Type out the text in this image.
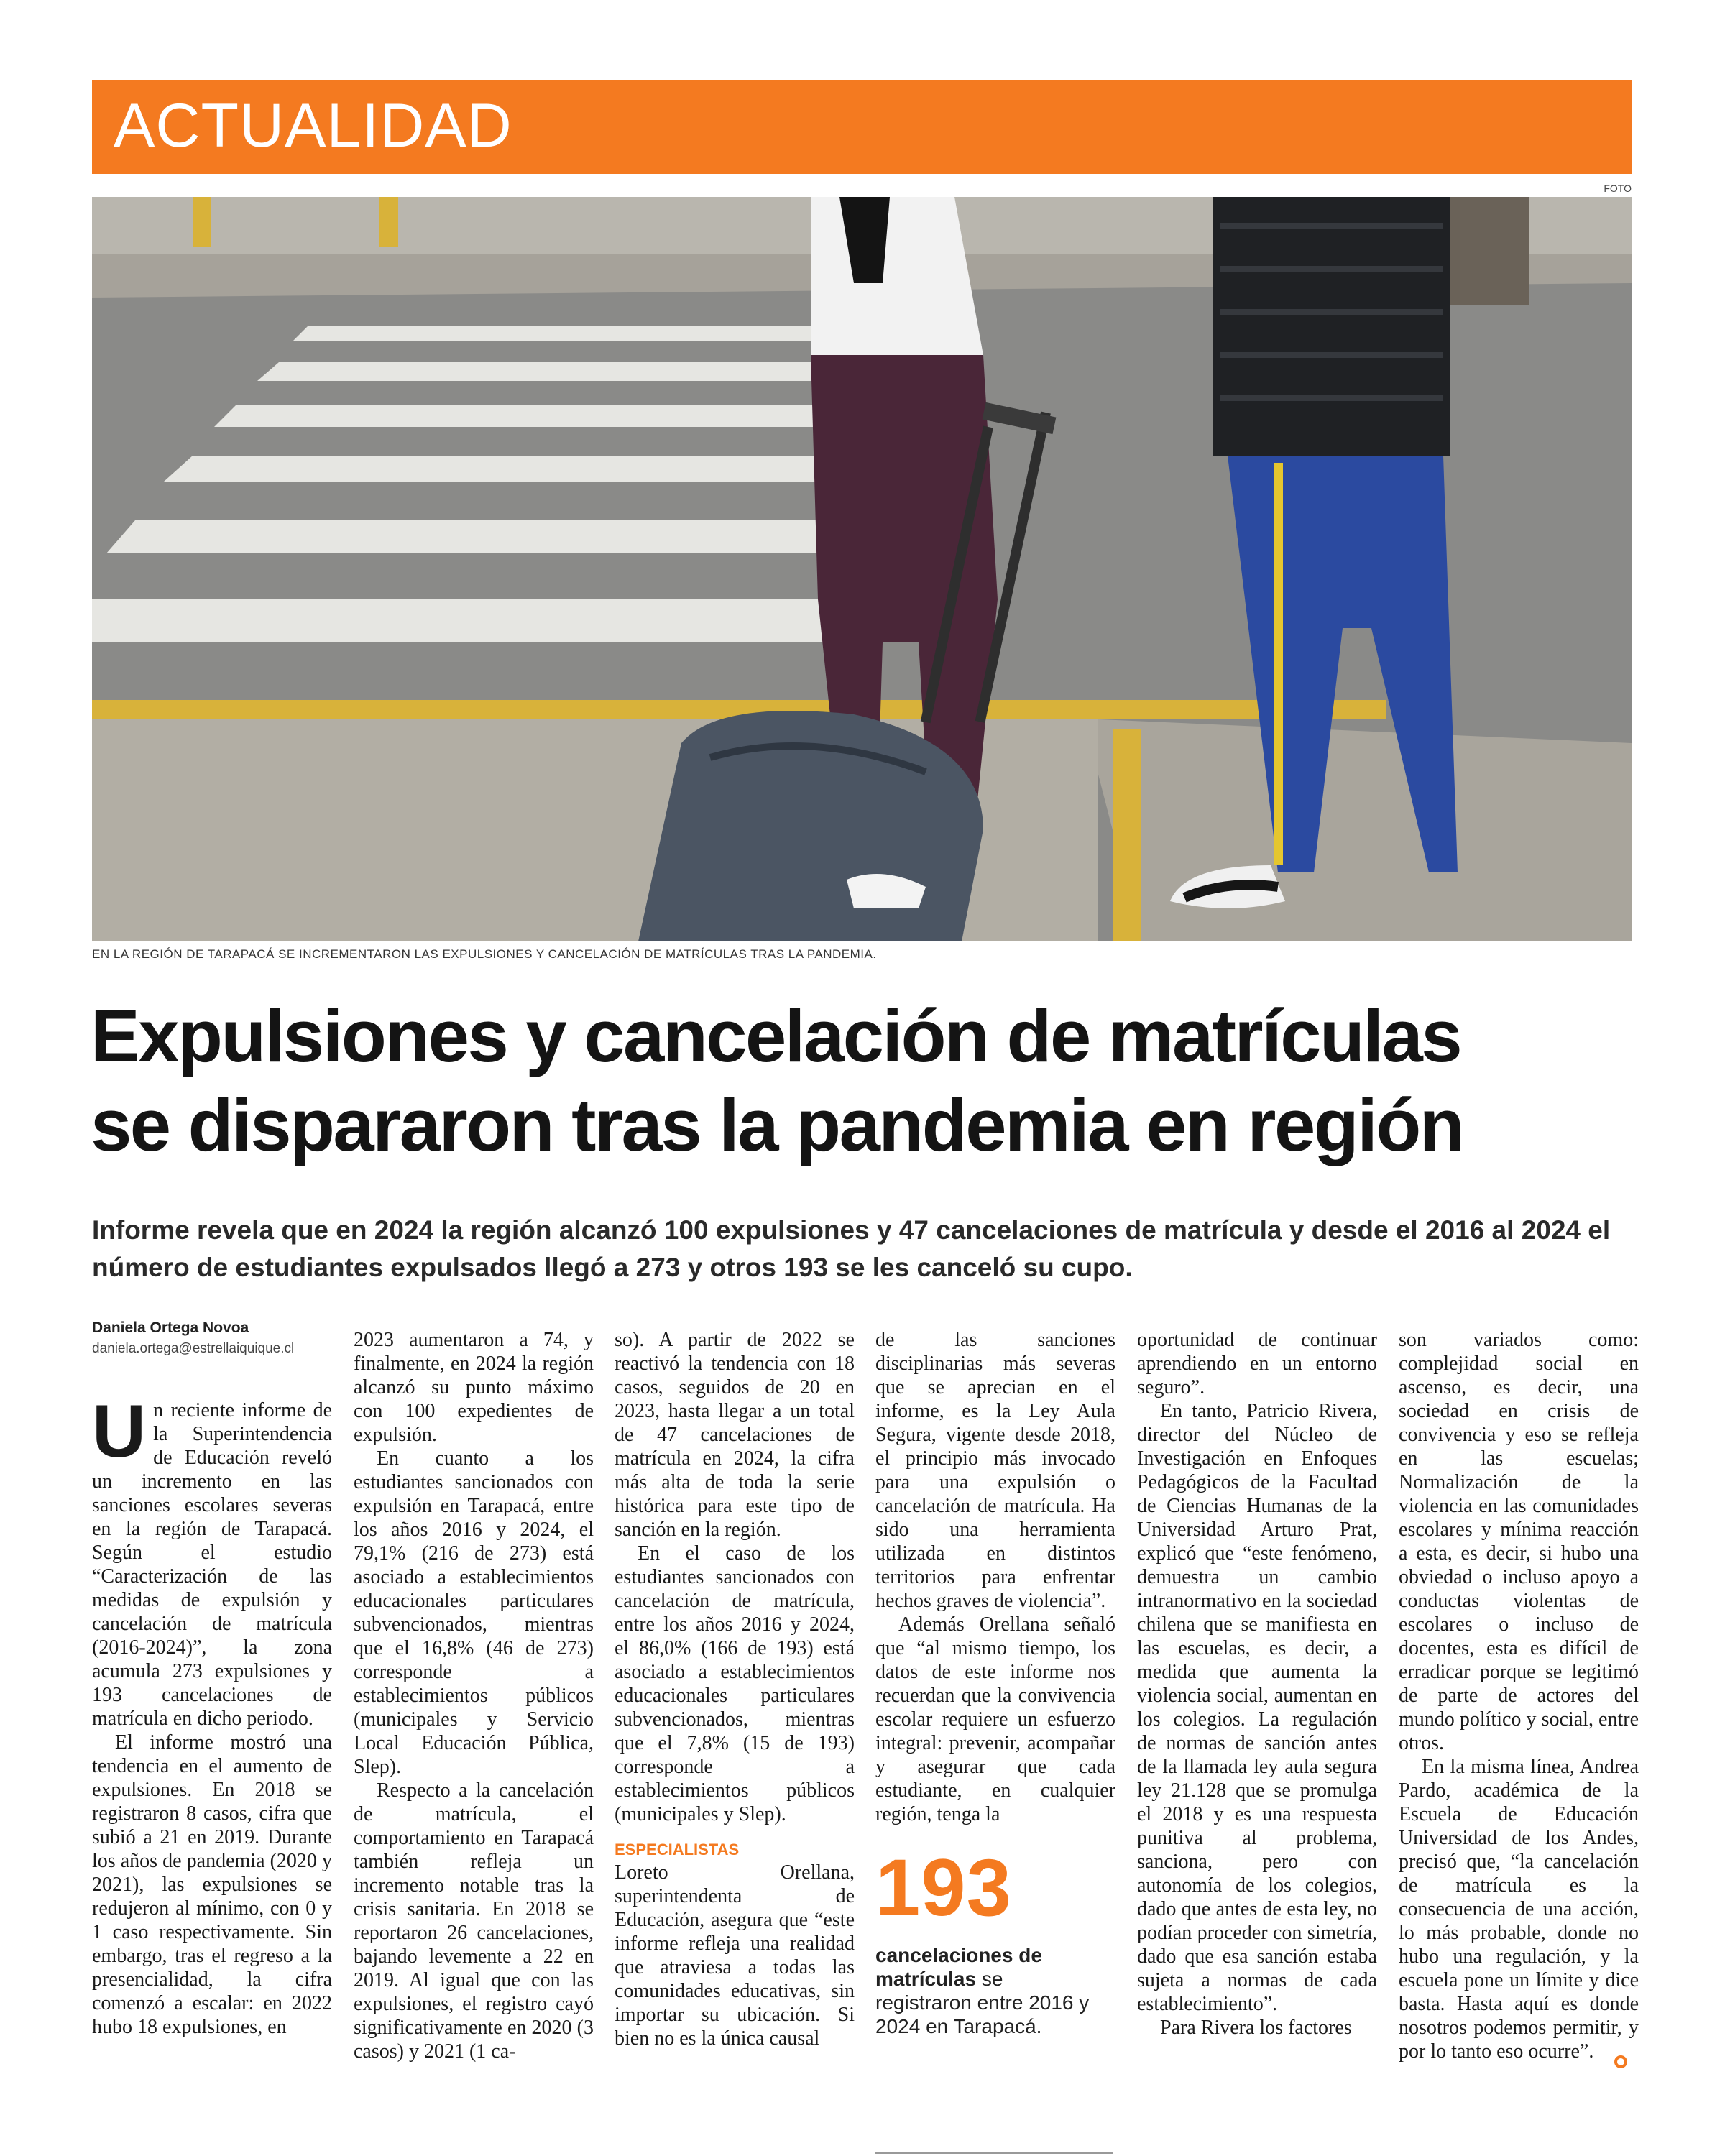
ACTUALIDAD
FOTO
EN LA REGIÓN DE TARAPACÁ SE INCREMENTARON LAS EXPULSIONES Y CANCELACIÓN DE MATRÍCULAS TRAS LA PANDEMIA.
Expulsiones y cancelación de matrículas
se dispararon tras la pandemia en región
Informe revela que en 2024 la región alcanzó 100 expulsiones y 47 cancelaciones de matrícula y desde el 2016 al 2024 el número de estudiantes expulsados llegó a 273 y otros 193 se les canceló su cupo.
Daniela Ortega Novoa
daniela.ortega@estrellaiquique.cl

Un reciente informe de la Superintendencia de Educación reveló un incremento en las sanciones escolares severas en la región de Tarapacá. Según el estudio “Caracterización de las medidas de expulsión y cancelación de matrícula (2016-2024)”, la zona acumula 273 expulsiones y 193 cancelaciones de matrícula en dicho periodo.

El informe mostró una tendencia en el aumento de expulsiones. En 2018 se registraron 8 casos, cifra que subió a 21 en 2019. Durante los años de pandemia (2020 y 2021), las expulsiones se redujeron al mínimo, con 0 y 1 caso respectivamente. Sin embargo, tras el regreso a la presencialidad, la cifra comenzó a escalar: en 2022 hubo 18 expulsiones, en

2023 aumentaron a 74, y finalmente, en 2024 la región alcanzó su punto máximo con 100 expedientes de expulsión.

En cuanto a los estudiantes sancionados con expulsión en Tarapacá, entre los años 2016 y 2024, el 79,1% (216 de 273) está asociado a establecimientos educacionales particulares subvencionados, mientras que el 16,8% (46 de 273) corresponde a establecimientos públicos (municipales y Servicio Local Educación Pública, Slep).

Respecto a la cancelación de matrícula, el comportamiento en Tarapacá también refleja un incremento notable tras la crisis sanitaria. En 2018 se reportaron 26 cancelaciones, bajando levemente a 22 en 2019. Al igual que con las expulsiones, el registro cayó significativamente en 2020 (3 casos) y 2021 (1 ca-

so). A partir de 2022 se reactivó la tendencia con 18 casos, seguidos de 20 en 2023, hasta llegar a un total de 47 cancelaciones de matrícula en 2024, la cifra más alta de toda la serie histórica para este tipo de sanción en la región.

En el caso de los estudiantes sancionados con cancelación de matrícula, entre los años 2016 y 2024, el 86,0% (166 de 193) está asociado a establecimientos educacionales particulares subvencionados, mientras que el 7,8% (15 de 193) corresponde a establecimientos públicos (municipales y Slep).

ESPECIALISTAS

Loreto Orellana, superintendenta de Educación, asegura que “este informe refleja una realidad que atraviesa a todas las comunidades educativas, sin importar su ubicación. Si bien no es la única causal

de las sanciones disciplinarias más severas que se aprecian en el informe, es la Ley Aula Segura, vigente desde 2018, el principio más invocado para una expulsión o cancelación de matrícula. Ha sido una herramienta utilizada en distintos territorios para enfrentar hechos graves de violencia”.

Además Orellana señaló que “al mismo tiempo, los datos de este informe nos recuerdan que la convivencia escolar requiere un esfuerzo integral: prevenir, acompañar y asegurar que cada estudiante, en cualquier región, tenga la

193
cancelaciones de matrículas se registraron entre 2016 y 2024 en Tarapacá.

oportunidad de continuar aprendiendo en un entorno seguro”.

En tanto, Patricio Rivera, director del Núcleo de Investigación en Enfoques Pedagógicos de la Facultad de Ciencias Humanas de la Universidad Arturo Prat, explicó que “este fenómeno, demuestra un cambio intranormativo en la sociedad chilena que se manifiesta en las escuelas, es decir, a medida que aumenta la violencia social, aumentan en los colegios. La regulación de normas de sanción antes de la llamada ley aula segura ley 21.128 que se promulga el 2018 y es una respuesta punitiva al problema, sanciona, pero con autonomía de los colegios, dado que antes de esta ley, no podían proceder con simetría, dado que esa sanción estaba sujeta a normas de cada establecimiento”.

Para Rivera los factores

son variados como: complejidad social en ascenso, es decir, una sociedad en crisis de convivencia y eso se refleja en las escuelas; Normalización de la violencia en las comunidades escolares y mínima reacción a esta, es decir, si hubo una obviedad o incluso apoyo a conductas violentas de escolares o incluso de docentes, esta es difícil de erradicar porque se legitimó de parte de actores del mundo político y social, entre otros.

En la misma línea, Andrea Pardo, académica de la Escuela de Educación Universidad de los Andes, precisó que, “la cancelación de matrícula es la consecuencia de una acción, lo más probable, donde no hubo una regulación, y la escuela pone un límite y dice basta. Hasta aquí es donde nosotros podemos permitir, y por lo tanto eso ocurre”.
